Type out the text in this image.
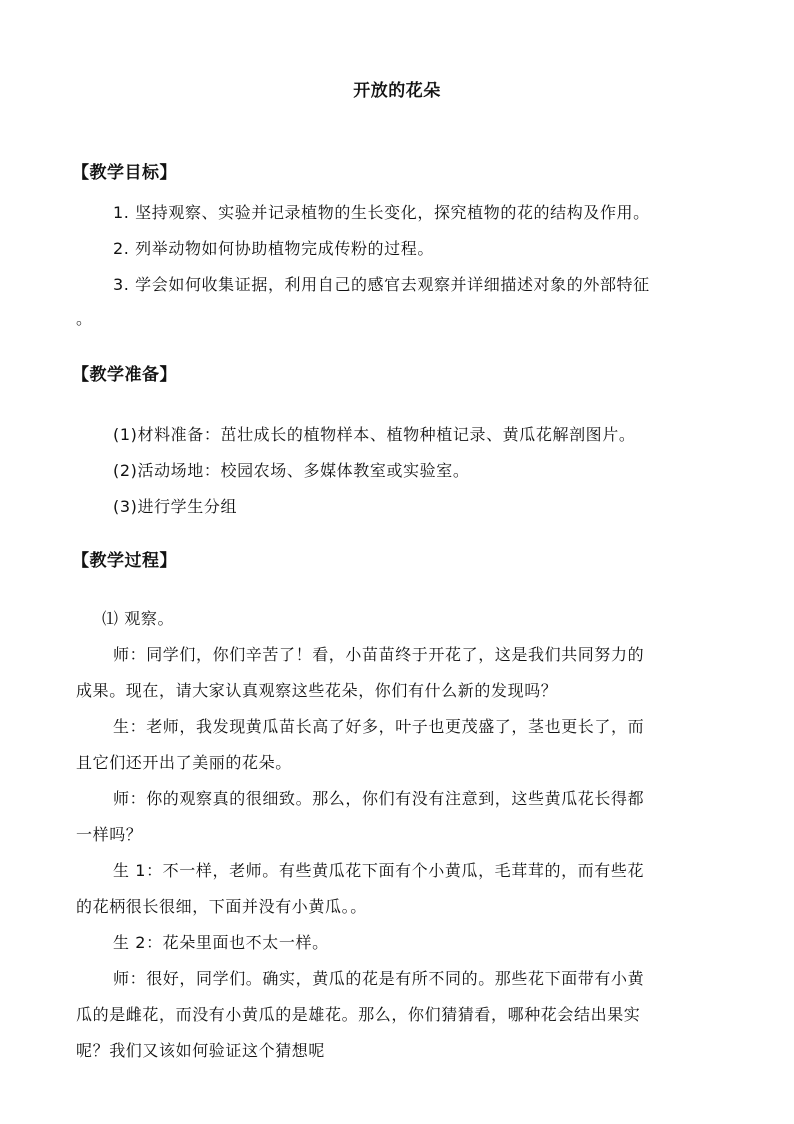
开放的花朵
【教学目标】
1. 坚持观察、实验并记录植物的生长变化，探究植物的花的结构及作用。
2. 列举动物如何协助植物完成传粉的过程。
3. 学会如何收集证据，利用自己的感官去观察并详细描述对象的外部特征
。
【教学准备】
(1)材料准备：茁壮成长的植物样本、植物种植记录、黄瓜花解剖图片。
(2)活动场地：校园农场、多媒体教室或实验室。
(3)进行学生分组
【教学过程】
⑴ 观察。
师：同学们，你们辛苦了！看，小苗苗终于开花了，这是我们共同努力的
成果。现在，请大家认真观察这些花朵，你们有什么新的发现吗？
生：老师，我发现黄瓜苗长高了好多，叶子也更茂盛了，茎也更长了，而
且它们还开出了美丽的花朵。
师：你的观察真的很细致。那么，你们有没有注意到，这些黄瓜花长得都
一样吗？
生 1：不一样，老师。有些黄瓜花下面有个小黄瓜，毛茸茸的，而有些花
的花柄很长很细，下面并没有小黄瓜。。
生 2：花朵里面也不太一样。
师：很好，同学们。确实，黄瓜的花是有所不同的。那些花下面带有小黄
瓜的是雌花，而没有小黄瓜的是雄花。那么，你们猜猜看，哪种花会结出果实
呢？我们又该如何验证这个猜想呢
